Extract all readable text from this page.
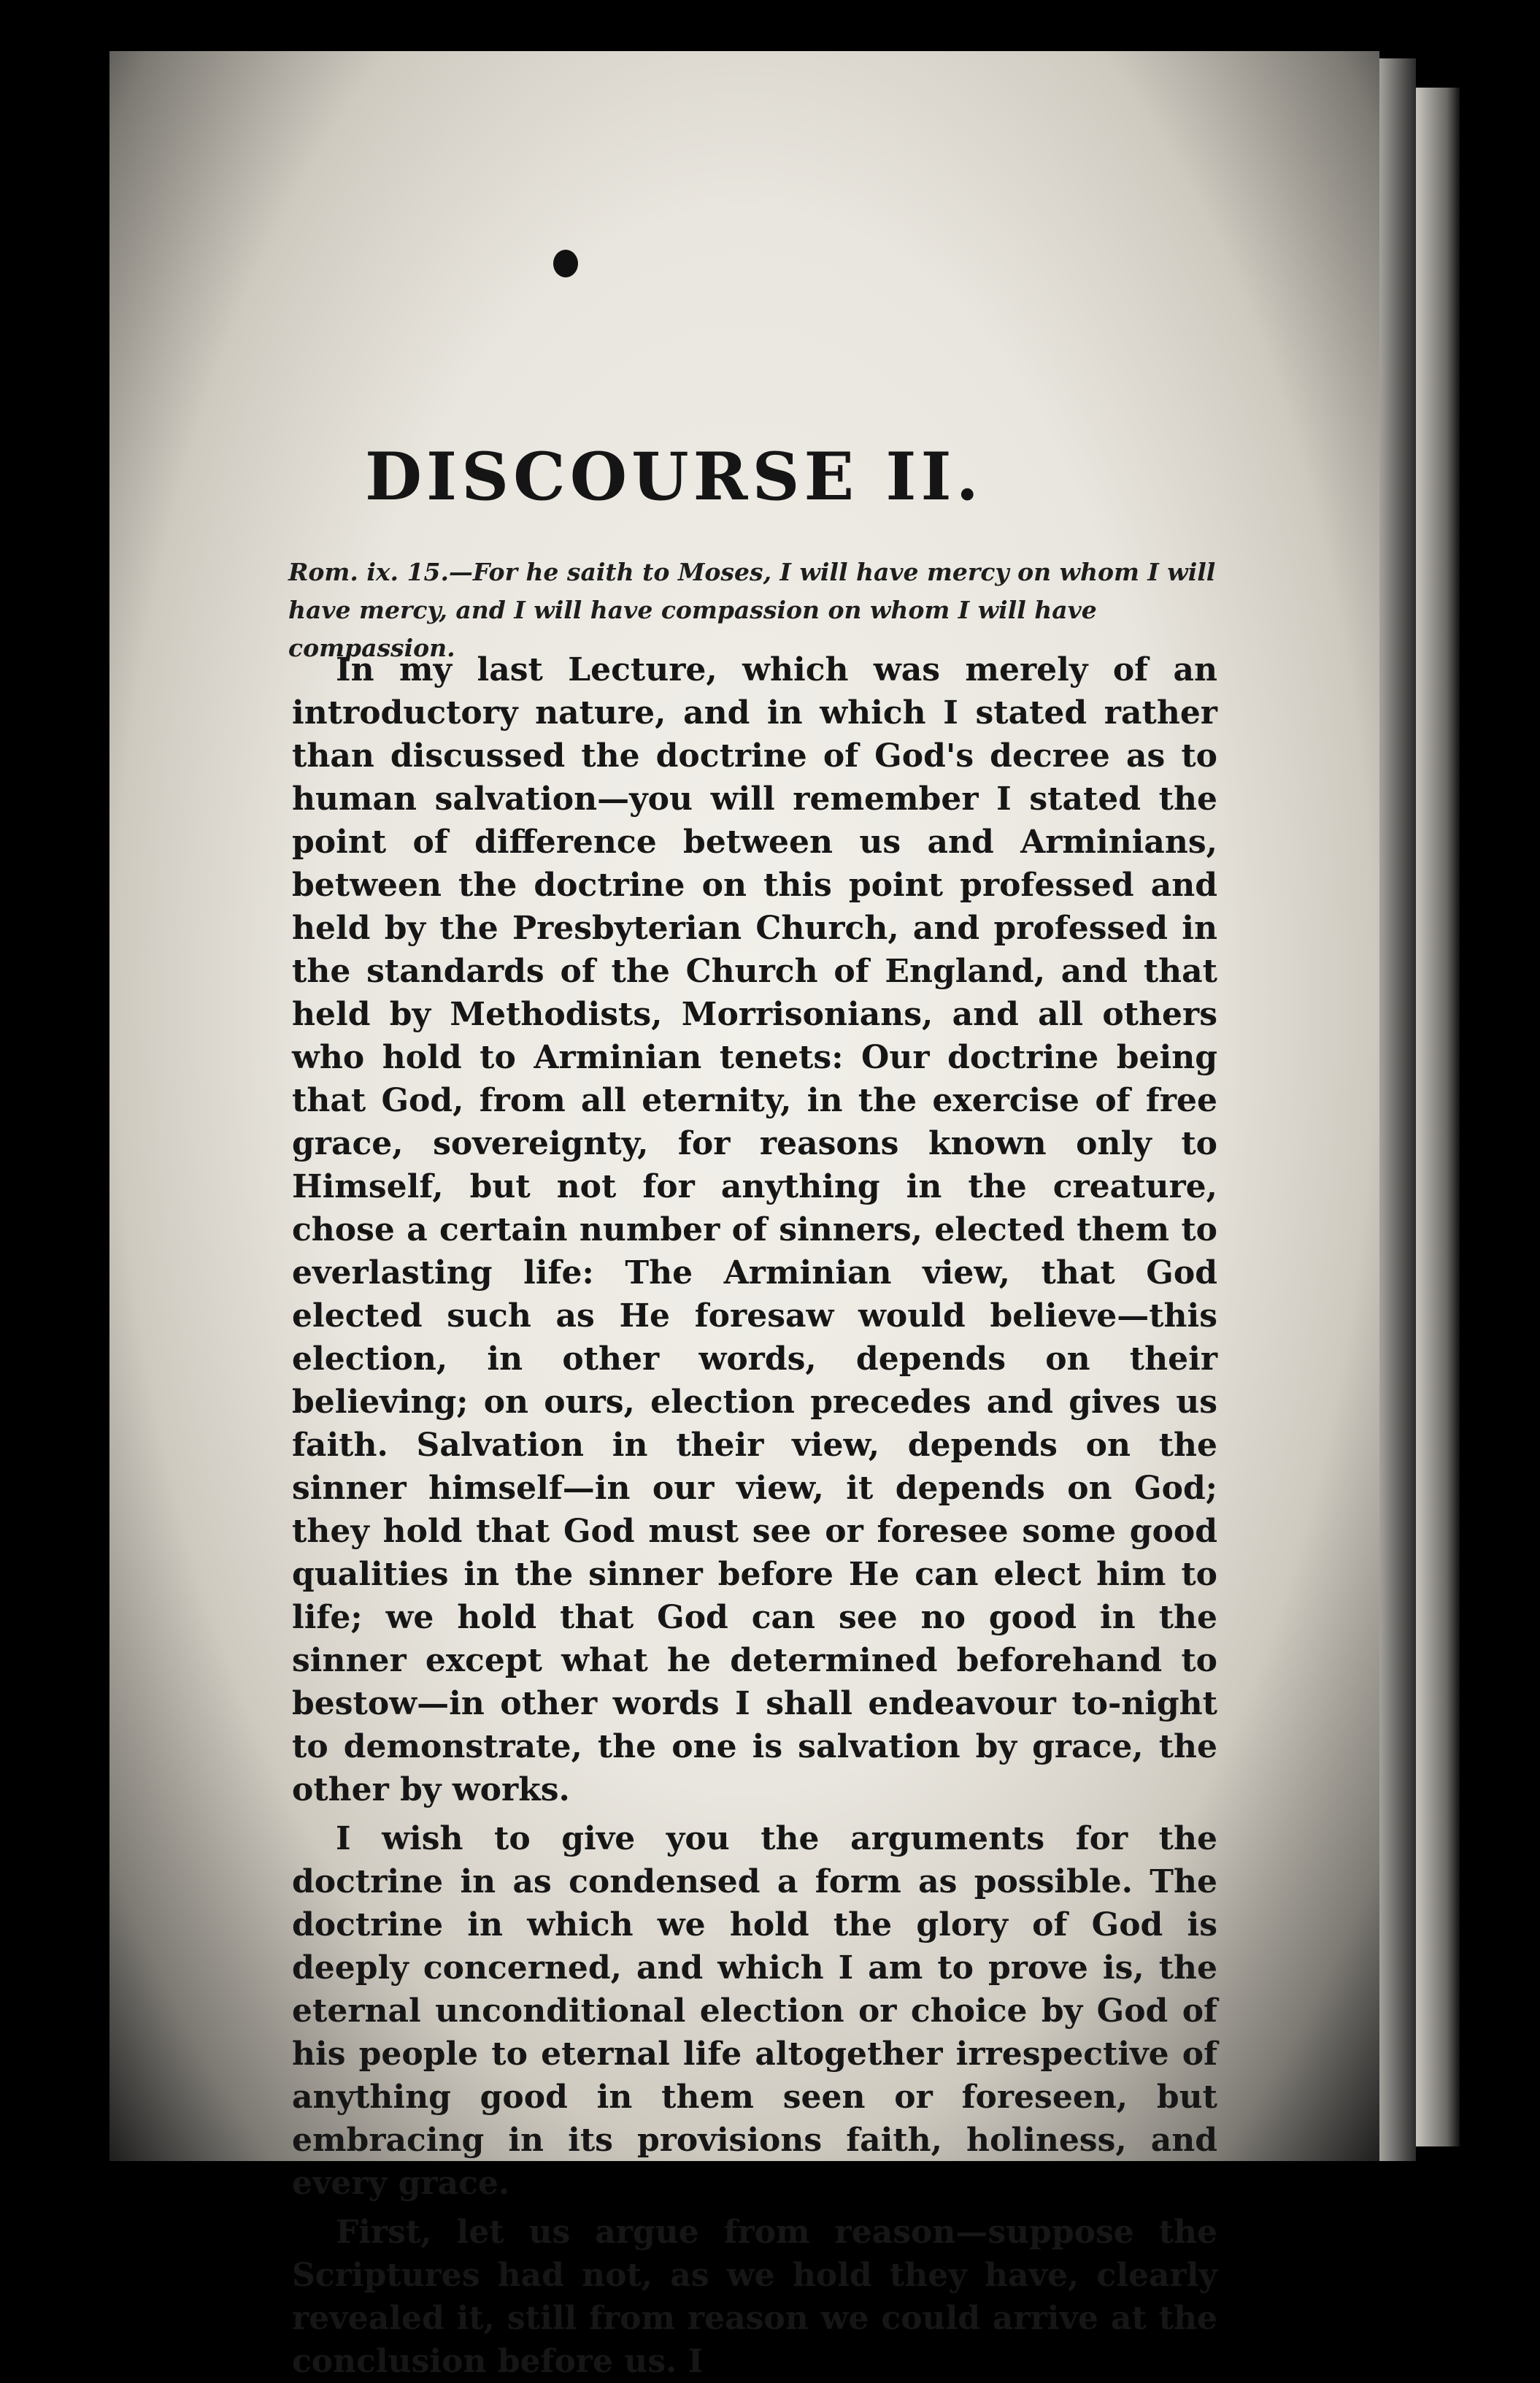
DISCOURSE II.
Rom. ix. 15.—For he saith to Moses, I will have mercy on whom I will have mercy, and I will have compassion on whom I will have compassion.

In my last Lecture, which was merely of an introductory nature, and in which I stated rather than discussed the doctrine of God's decree as to human salvation—you will remember I stated the point of difference between us and Arminians, between the doctrine on this point professed and held by the Presbyterian Church, and professed in the standards of the Church of England, and that held by Methodists, Morrisonians, and all others who hold to Arminian tenets: Our doctrine being that God, from all eternity, in the exercise of free grace, sovereignty, for reasons known only to Himself, but not for anything in the creature, chose a certain number of sinners, elected them to everlasting life: The Arminian view, that God elected such as He foresaw would believe—this election, in other words, depends on their believing; on ours, election precedes and gives us faith. Salvation in their view, depends on the sinner himself—in our view, it depends on God; they hold that God must see or foresee some good qualities in the sinner before He can elect him to life; we hold that God can see no good in the sinner except what he determined beforehand to bestow—in other words I shall endeavour to-night to demonstrate, the one is salvation by grace, the other by works.

I wish to give you the arguments for the doctrine in as condensed a form as possible. The doctrine in which we hold the glory of God is deeply concerned, and which I am to prove is, the eternal unconditional election or choice by God of his people to eternal life altogether irrespective of anything good in them seen or foreseen, but embracing in its provisions faith, holiness, and every grace.

First, let us argue from reason—suppose the Scriptures had not, as we hold they have, clearly revealed it, still from reason we could arrive at the conclusion before us. I
